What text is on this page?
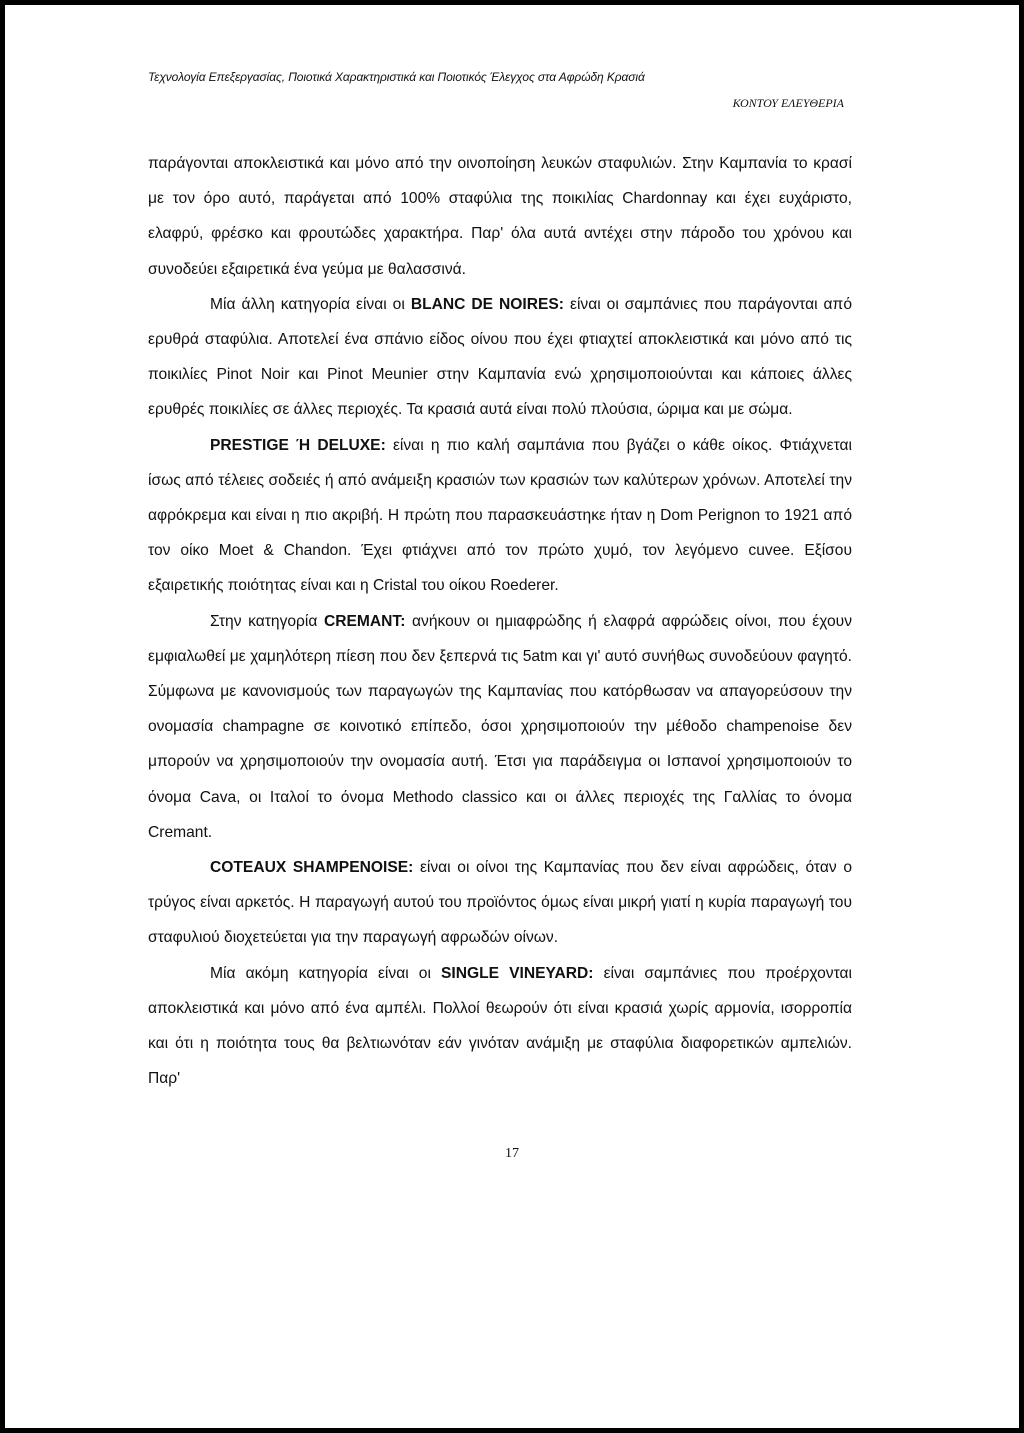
Τεχνολογία Επεξεργασίας, Ποιοτικά Χαρακτηριστικά και Ποιοτικός Έλεγχος στα Αφρώδη Κρασιά
ΚΟΝΤΟΥ ΕΛΕΥΘΕΡΙΑ

παράγονται αποκλειστικά και μόνο από την οινοποίηση λευκών σταφυλιών. Στην Καμπανία το κρασί με τον όρο αυτό, παράγεται από 100% σταφύλια της ποικιλίας Chardonnay και έχει ευχάριστο, ελαφρύ, φρέσκο και φρουτώδες χαρακτήρα. Παρ' όλα αυτά αντέχει στην πάροδο του χρόνου και συνοδεύει εξαιρετικά ένα γεύμα με θαλασσινά.

Μία άλλη κατηγορία είναι οι BLANC DE NOIRES: είναι οι σαμπάνιες που παράγονται από ερυθρά σταφύλια. Αποτελεί ένα σπάνιο είδος οίνου που έχει φτιαχτεί αποκλειστικά και μόνο από τις ποικιλίες Pinot Noir και Pinot Meunier στην Καμπανία ενώ χρησιμοποιούνται και κάποιες άλλες ερυθρές ποικιλίες σε άλλες περιοχές. Τα κρασιά αυτά είναι πολύ πλούσια, ώριμα και με σώμα.

PRESTIGE Ή DELUXE: είναι η πιο καλή σαμπάνια που βγάζει ο κάθε οίκος. Φτιάχνεται ίσως από τέλειες σοδειές ή από ανάμειξη κρασιών των κρασιών των καλύτερων χρόνων. Αποτελεί την αφρόκρεμα και είναι η πιο ακριβή. Η πρώτη που παρασκευάστηκε ήταν η Dom Perignon το 1921 από τον οίκο Moet & Chandon. Έχει φτιάχνει από τον πρώτο χυμό, τον λεγόμενο cuvee. Εξίσου εξαιρετικής ποιότητας είναι και η Cristal του οίκου Roederer.

Στην κατηγορία CREMANT: ανήκουν οι ημιαφρώδης ή ελαφρά αφρώδεις οίνοι, που έχουν εμφιαλωθεί με χαμηλότερη πίεση που δεν ξεπερνά τις 5atm και γι' αυτό συνήθως συνοδεύουν φαγητό. Σύμφωνα με κανονισμούς των παραγωγών της Καμπανίας που κατόρθωσαν να απαγορεύσουν την ονομασία champagne σε κοινοτικό επίπεδο, όσοι χρησιμοποιούν την μέθοδο champenoise δεν μπορούν να χρησιμοποιούν την ονομασία αυτή. Έτσι για παράδειγμα οι Ισπανοί χρησιμοποιούν το όνομα Cava, οι Ιταλοί το όνομα Methodo classico και οι άλλες περιοχές της Γαλλίας το όνομα Cremant.

COTEAUX SHAMPENOISE: είναι οι οίνοι της Καμπανίας που δεν είναι αφρώδεις, όταν ο τρύγος είναι αρκετός. Η παραγωγή αυτού του προϊόντος όμως είναι μικρή γιατί η κυρία παραγωγή του σταφυλιού διοχετεύεται για την παραγωγή αφρωδών οίνων.

Μία ακόμη κατηγορία είναι οι SINGLE VINEYARD: είναι σαμπάνιες που προέρχονται αποκλειστικά και μόνο από ένα αμπέλι. Πολλοί θεωρούν ότι είναι κρασιά χωρίς αρμονία, ισορροπία και ότι η ποιότητα τους θα βελτιωνόταν εάν γινόταν ανάμιξη με σταφύλια διαφορετικών αμπελιών. Παρ'

17
